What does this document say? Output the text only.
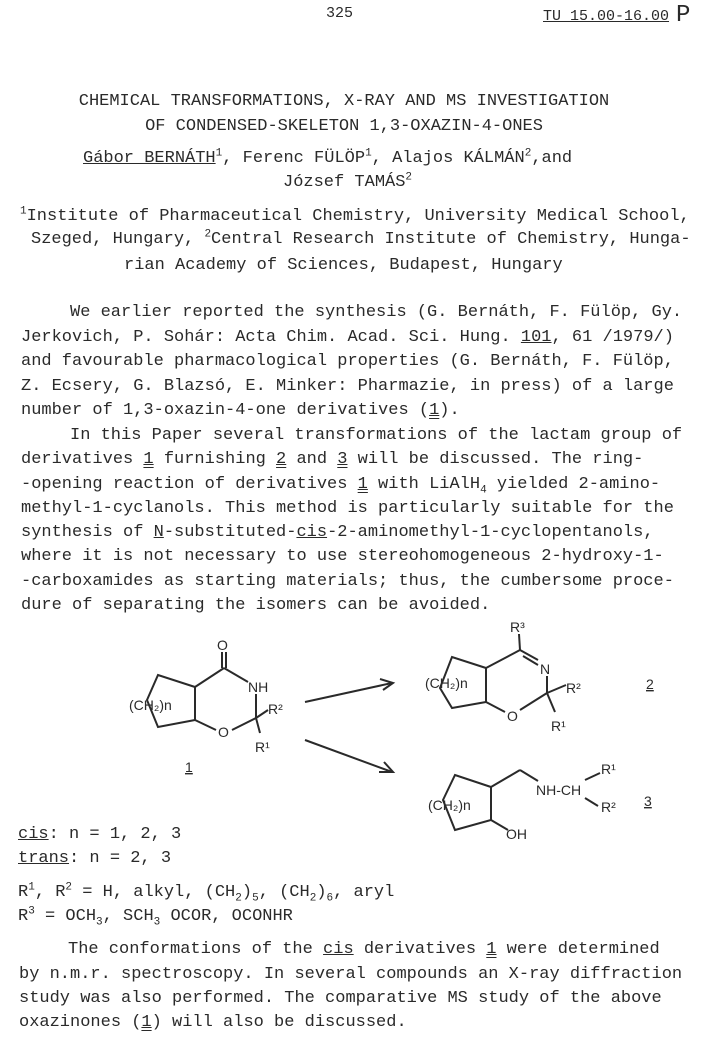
325	TU 15.00-16.00 P
CHEMICAL TRANSFORMATIONS, X-RAY AND MS INVESTIGATION
OF CONDENSED-SKELETON 1,3-OXAZIN-4-ONES
Gábor BERNÁTH$^1$, Ferenc FÜLÖP$^1$, Alajos KÁLMÁN$^2$,and
József TAMÁS$^2$
$^1$Institute of Pharmaceutical Chemistry, University Medical School,
Szeged, Hungary, $^2$Central Research Institute of Chemistry, Hunga-
rian Academy of Sciences, Budapest, Hungary
We earlier reported the synthesis (G. Bernáth, F. Fülöp, Gy.
Jerkovich, P. Sohár: Acta Chim. Acad. Sci. Hung. 101, 61 /1979/)
and favourable pharmacological properties (G. Bernáth, F. Fülöp,
Z. Ecsery, G. Blazsó, E. Minker: Pharmazie, in press) of a large
number of 1,3-oxazin-4-one derivatives (1).
In this Paper several transformations of the lactam group of
derivatives 1 furnishing 2 and 3 will be discussed. The ring-
-opening reaction of derivatives 1 with LiAlH$_4$ yielded 2-amino-
methyl-1-cyclanols. This method is particularly suitable for the
synthesis of N-substituted-cis-2-aminomethyl-1-cyclopentanols,
where it is not necessary to use stereohomogeneous 2-hydroxy-1-
-carboxamides as starting materials; thus, the cumbersome proce-
dure of separating the isomers can be avoided.
O
NH
(CH₂)n
O
R²
R¹
1
R³
N
(CH₂)n	R²
O
R¹
2
(CH₂)n
NH-CH
R¹
R²
OH
3
cis: n = 1, 2, 3
trans: n = 2, 3
$R^1$, $R^2 = H$, alkyl, $(CH_2)_5$, $(CH_2)_6$, aryl
$R^3 = OCH_3$, $SCH_3$ OCOR, OCONHR
The conformations of the cis derivatives 1 were determined
by n.m.r. spectroscopy. In several compounds an X-ray diffraction
study was also performed. The comparative MS study of the above
oxazinones (1) will also be discussed.
